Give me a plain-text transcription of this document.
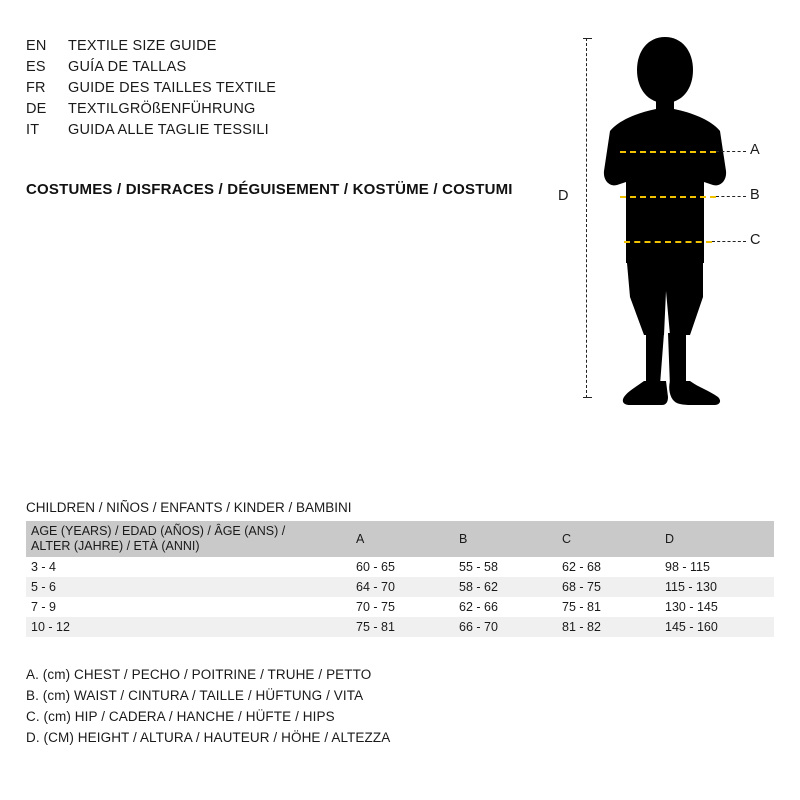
EN	TEXTILE SIZE GUIDE
ES	GUÍA DE TALLAS
FR	GUIDE DES TAILLES TEXTILE
DE	TEXTILGRÖßENFÜHRUNG
IT	GUIDA ALLE TAGLIE TESSILI
COSTUMES / DISFRACES / DÉGUISEMENT / KOSTÜME / COSTUMI	D
A
B
C
CHILDREN / NIÑOS / ENFANTS / KINDER / BAMBINI
AGE (YEARS) / EDAD (AÑOS) / ÂGE (ANS) /
ALTER (JAHRE) / ETÀ (ANNI)	A	B	C	D
3 - 4	60 - 65	55 - 58	62 - 68	98 - 115
5 - 6	64 - 70	58 - 62	68 - 75	115 - 130
7 - 9	70 - 75	62 - 66	75 - 81	130 - 145
10 - 12	75 - 81	66 - 70	81 - 82	145 - 160
A. (cm) CHEST / PECHO / POITRINE / TRUHE / PETTO
B. (cm) WAIST / CINTURA / TAILLE / HÜFTUNG / VITA
C. (cm) HIP / CADERA / HANCHE / HÜFTE / HIPS
D. (CM) HEIGHT / ALTURA / HAUTEUR / HÖHE / ALTEZZA
